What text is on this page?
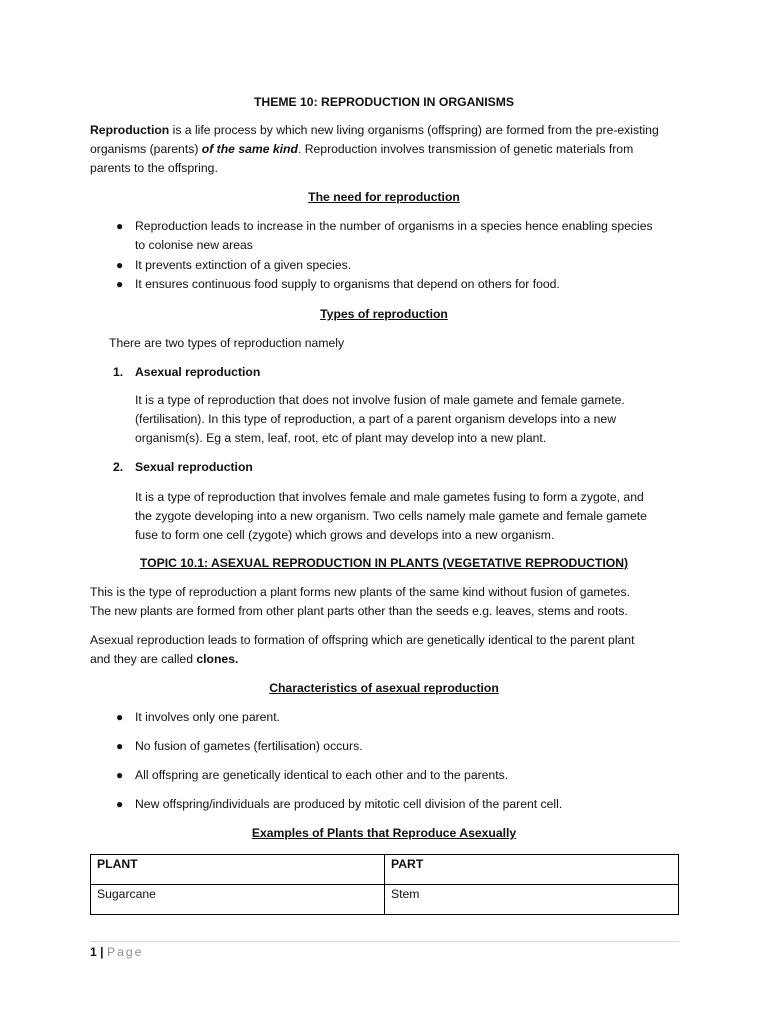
THEME 10: REPRODUCTION IN ORGANISMS
Reproduction is a life process by which new living organisms (offspring) are formed from the pre-existing
organisms (parents) of the same kind. Reproduction involves transmission of genetic materials from
parents to the offspring.
The need for reproduction
● Reproduction leads to increase in the number of organisms in a species hence enabling species
to colonise new areas
● It prevents extinction of a given species.
● It ensures continuous food supply to organisms that depend on others for food.
Types of reproduction
There are two types of reproduction namely
1. Asexual reproduction
It is a type of reproduction that does not involve fusion of male gamete and female gamete.
(fertilisation). In this type of reproduction, a part of a parent organism develops into a new
organism(s). Eg a stem, leaf, root, etc of plant may develop into a new plant.
2. Sexual reproduction
It is a type of reproduction that involves female and male gametes fusing to form a zygote, and
the zygote developing into a new organism. Two cells namely male gamete and female gamete
fuse to form one cell (zygote) which grows and develops into a new organism.
TOPIC 10.1: ASEXUAL REPRODUCTION IN PLANTS (VEGETATIVE REPRODUCTION)
This is the type of reproduction a plant forms new plants of the same kind without fusion of gametes.
The new plants are formed from other plant parts other than the seeds e.g. leaves, stems and roots.
Asexual reproduction leads to formation of offspring which are genetically identical to the parent plant
and they are called clones.
Characteristics of asexual reproduction
● It involves only one parent.
● No fusion of gametes (fertilisation) occurs.
● All offspring are genetically identical to each other and to the parents.
● New offspring/individuals are produced by mitotic cell division of the parent cell.
Examples of Plants that Reproduce Asexually
PLANT	PART
Sugarcane	Stem
1 | Page
